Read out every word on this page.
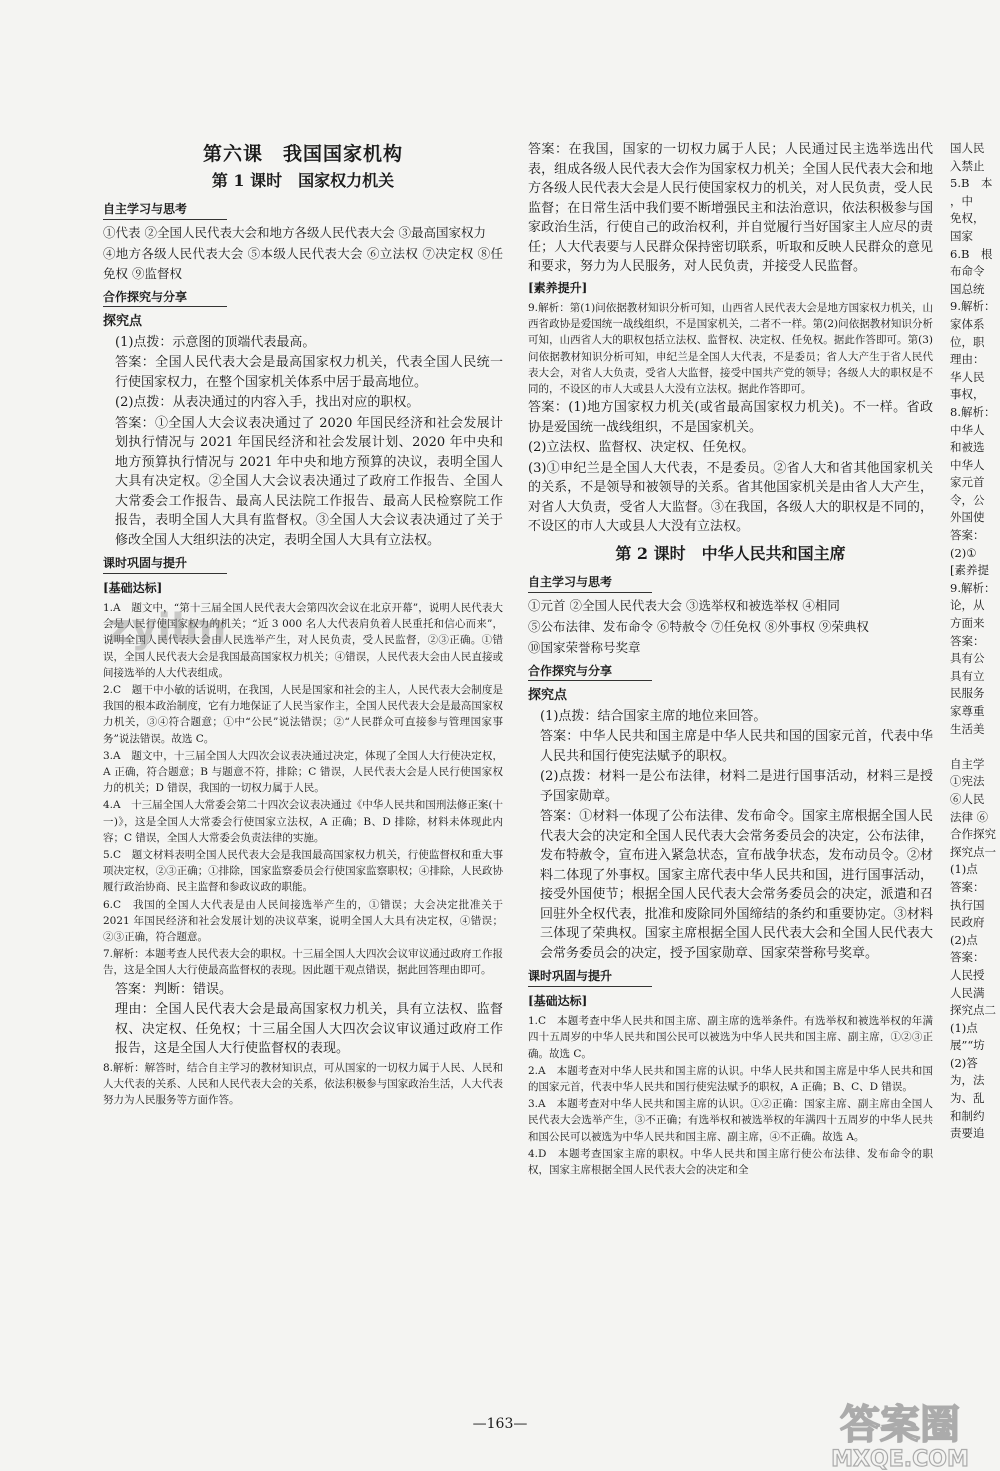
第六课　我国国家机构
第 1 课时　国家权力机关
自主学习与思考

①代表 ②全国人民代表大会和地方各级人民代表大会 ③最高国家权力

④地方各级人民代表大会 ⑤本级人民代表大会 ⑥立法权 ⑦决定权 ⑧任免权 ⑨监督权

合作探究与分享
探究点

(1)点拨：示意图的顶端代表最高。

答案：全国人民代表大会是最高国家权力机关，代表全国人民统一行使国家权力，在整个国家机关体系中居于最高地位。

(2)点拨：从表决通过的内容入手，找出对应的职权。

答案：①全国人大会议表决通过了 2020 年国民经济和社会发展计划执行情况与 2021 年国民经济和社会发展计划、2020 年中央和地方预算执行情况与 2021 年中央和地方预算的决议，表明全国人大具有决定权。②全国人大会议表决通过了政府工作报告、全国人大常委会工作报告、最高人民法院工作报告、最高人民检察院工作报告，表明全国人大具有监督权。③全国人大会议表决通过了关于修改全国人大组织法的决定，表明全国人大具有立法权。

课时巩固与提升
[基础达标]

1.A　题文中，“第十三届全国人民代表大会第四次会议在北京开幕”，说明人民代表大会是人民行使国家权力的机关；“近 3 000 名人大代表肩负着人民重托和信心而来”，说明全国人民代表大会由人民选举产生，对人民负责，受人民监督，②③正确。①错误，全国人民代表大会是我国最高国家权力机关；④错误，人民代表大会由人民直接或间接选举的人大代表组成。

2.C　题干中小敏的话说明，在我国，人民是国家和社会的主人，人民代表大会制度是我国的根本政治制度，它有力地保证了人民当家作主，全国人民代表大会是最高国家权力机关，③④符合题意；①中“公民”说法错误；②“人民群众可直接参与管理国家事务”说法错误。故选 C。

3.A　题文中，十三届全国人大四次会议表决通过决定，体现了全国人大行使决定权，A 正确，符合题意；B 与题意不符，排除；C 错误，人民代表大会是人民行使国家权力的机关；D 错误，我国的一切权力属于人民。

4.A　十三届全国人大常委会第二十四次会议表决通过《中华人民共和国刑法修正案(十一)》，这是全国人大常委会行使国家立法权，A 正确；B、D 排除，材料未体现此内容；C 错误，全国人大常委会负责法律的实施。

5.C　题文材料表明全国人民代表大会是我国最高国家权力机关，行使监督权和重大事项决定权，②③正确；①排除，国家监察委员会行使国家监察职权；④排除，人民政协履行政治协商、民主监督和参政议政的职能。

6.C　我国的全国人大代表是由人民间接选举产生的，①错误；大会决定批准关于 2021 年国民经济和社会发展计划的决议草案，说明全国人大具有决定权，④错误；②③正确，符合题意。

7.解析：本题考查人民代表大会的职权。十三届全国人大四次会议审议通过政府工作报告，这是全国人大行使最高监督权的表现。因此题干观点错误，据此回答理由即可。

答案：判断：错误。

理由：全国人民代表大会是最高国家权力机关，具有立法权、监督权、决定权、任免权；十三届全国人大四次会议审议通过政府工作报告，这是全国人大行使监督权的表现。

8.解析：解答时，结合自主学习的教材知识点，可从国家的一切权力属于人民、人民和人大代表的关系、人民和人民代表大会的关系，依法积极参与国家政治生活，人大代表努力为人民服务等方面作答。

答案：在我国，国家的一切权力属于人民；人民通过民主选举选出代表，组成各级人民代表大会作为国家权力机关；全国人民代表大会和地方各级人民代表大会是人民行使国家权力的机关，对人民负责，受人民监督；在日常生活中我们要不断增强民主和法治意识，依法积极参与国家政治生活，行使自己的政治权利，并自觉履行当好国家主人应尽的责任；人大代表要与人民群众保持密切联系，听取和反映人民群众的意见和要求，努力为人民服务，对人民负责，并接受人民监督。

[素养提升]

9.解析：第(1)问依据教材知识分析可知，山西省人民代表大会是地方国家权力机关，山西省政协是爱国统一战线组织，不是国家机关，二者不一样。第(2)问依据教材知识分析可知，山西省人大的职权包括立法权、监督权、决定权、任免权。据此作答即可。第(3)问依据教材知识分析可知，申纪兰是全国人大代表，不是委员；省人大产生于省人民代表大会，对省人大负责，受省人大监督，接受中国共产党的领导；各级人大的职权是不同的，不设区的市人大或县人大没有立法权。据此作答即可。

答案：(1)地方国家权力机关(或省最高国家权力机关)。不一样。省政协是爱国统一战线组织，不是国家机关。

(2)立法权、监督权、决定权、任免权。

(3)①申纪兰是全国人大代表，不是委员。②省人大和省其他国家机关的关系，不是领导和被领导的关系。省其他国家机关是由省人大产生，对省人大负责，受省人大监督。③在我国，各级人大的职权是不同的，不设区的市人大或县人大没有立法权。

第 2 课时　中华人民共和国主席
自主学习与思考

①元首 ②全国人民代表大会 ③选举权和被选举权 ④相同

⑤公布法律、发布命令 ⑥特赦令 ⑦任免权 ⑧外事权 ⑨荣典权

⑩国家荣誉称号奖章

合作探究与分享
探究点

(1)点拨：结合国家主席的地位来回答。

答案：中华人民共和国主席是中华人民共和国的国家元首，代表中华人民共和国行使宪法赋予的职权。

(2)点拨：材料一是公布法律，材料二是进行国事活动，材料三是授予国家勋章。

答案：①材料一体现了公布法律、发布命令。国家主席根据全国人民代表大会的决定和全国人民代表大会常务委员会的决定，公布法律，发布特赦令，宣布进入紧急状态，宣布战争状态，发布动员令。②材料二体现了外事权。国家主席代表中华人民共和国，进行国事活动，接受外国使节；根据全国人民代表大会常务委员会的决定，派遣和召回驻外全权代表，批准和废除同外国缔结的条约和重要协定。③材料三体现了荣典权。国家主席根据全国人民代表大会和全国人民代表大会常务委员会的决定，授予国家勋章、国家荣誉称号奖章。

课时巩固与提升
[基础达标]

1.C　本题考查中华人民共和国主席、副主席的选举条件。有选举权和被选举权的年满四十五周岁的中华人民共和国公民可以被选为中华人民共和国主席、副主席，①②③正确。故选 C。

2.A　本题考查对中华人民共和国主席的认识。中华人民共和国主席是中华人民共和国的国家元首，代表中华人民共和国行使宪法赋予的职权，A 正确；B、C、D 错误。

3.A　本题考查对中华人民共和国主席的认识。①②正确：国家主席、副主席由全国人民代表大会选举产生，③不正确；有选举权和被选举权的年满四十五周岁的中华人民共和国公民可以被选为中华人民共和国主席、副主席，④不正确。故选 A。

4.D　本题考查国家主席的职权。中华人民共和国主席行使公布法律、发布命令的职权，国家主席根据全国人民代表大会的决定和全

国人民
入禁止
5.B　本
，中
免权，
国家
6.B　根
布命令
国总统
9.解析：
家体系
位，职
理由：
华人民
事权，
8.解析：
中华人
和被选
中华人
家元首
令，公
外国使
答案：
(2)①
[素养提
9.解析：
论，从
方面来
答案：
具有公
具有立
民服务
家尊重
生活美

自主学
①宪法
⑥人民
法律 ⑥
合作探究
探究点一
(1)点
答案：
执行国
民政府
(2)点
答案：
人民授
人民满
探究点二
(1)点
展”“坊
(2)答
为，法
为、乱
和制约
责要追
zyilm
—163—	答案圈
MXQE.COM
